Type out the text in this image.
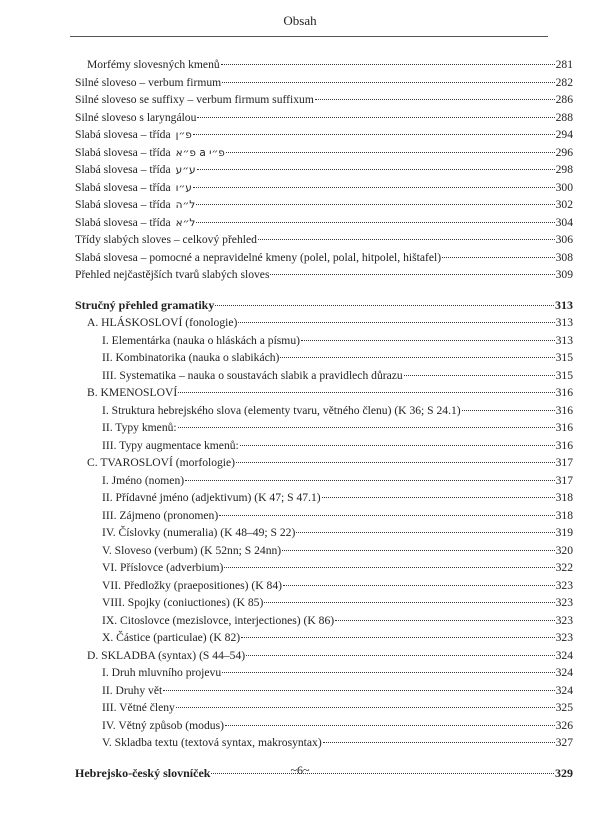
Obsah
Morfémy slovesných kmenů	281
Silné sloveso – verbum firmum	282
Silné sloveso se suffixy – verbum firmum suffixum	286
Silné sloveso s laryngálou	288
Slabá slovesa – třída פ״ן	294
Slabá slovesa – třída פ״א a פ״י	296
Slabá slovesa – třída ע״ע	298
Slabá slovesa – třída ע״ו	300
Slabá slovesa – třída ל״ה	302
Slabá slovesa – třída ל״א	304
Třídy slabých sloves – celkový přehled	306
Slabá slovesa – pomocné a nepravidelné kmeny (polel, polal, hitpolel, hištafel)	308
Přehled nejčastějších tvarů slabých sloves	309
Stručný přehled gramatiky	313
A. HLÁSKOSLOVÍ (fonologie)	313
I. Elementárka (nauka o hláskách a písmu)	313
II. Kombinatorika (nauka o slabikách)	315
III. Systematika – nauka o soustavách slabik a pravidlech důrazu	315
B. KMENOSLOVÍ	316
I. Struktura hebrejského slova (elementy tvaru, větného členu) (K 36; S 24.1)	316
II. Typy kmenů:	316
III. Typy augmentace kmenů:	316
C. TVAROSLOVÍ (morfologie)	317
I. Jméno (nomen)	317
II. Přídavné jméno (adjektivum) (K 47; S 47.1)	318
III. Zájmeno (pronomen)	318
IV. Číslovky (numeralia) (K 48–49; S 22)	319
V. Sloveso (verbum) (K 52nn; S 24nn)	320
VI. Příslovce (adverbium)	322
VII. Předložky (praepositiones) (K 84)	323
VIII. Spojky (coniuctiones) (K 85)	323
IX. Citoslovce (mezislovce, interjectiones) (K 86)	323
X. Částice (particulae) (K 82)	323
D. SKLADBA (syntax) (S 44–54)	324
I. Druh mluvního projevu	324
II. Druhy vět	324
III. Větné členy	325
IV. Větný způsob (modus)	326
V. Skladba textu (textová syntax, makrosyntax)	327
Hebrejsko-český slovníček	329
~6~
